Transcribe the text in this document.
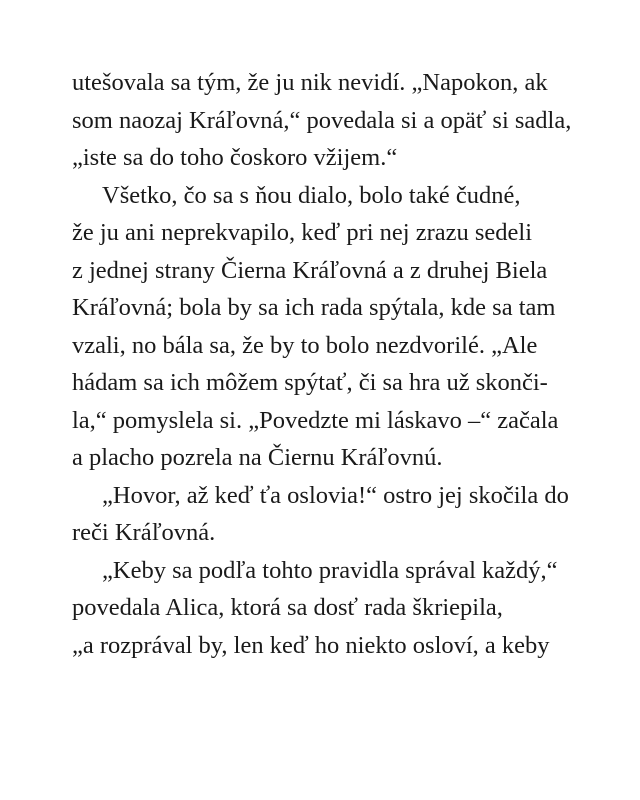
utešovala sa tým, že ju nik nevidí. „Napokon, ak
som naozaj Kráľovná,“ povedala si a opäť si sadla,
„iste sa do toho čoskoro vžijem.“
Všetko, čo sa s ňou dialo, bolo také čudné,
že ju ani neprekvapilo, keď pri nej zrazu sedeli
z jednej strany Čierna Kráľovná a z druhej Biela
Kráľovná; bola by sa ich rada spýtala, kde sa tam
vzali, no bála sa, že by to bolo nezdvorilé. „Ale
hádam sa ich môžem spýtať, či sa hra už skonči-
la,“ pomyslela si. „Povedzte mi láskavo –“ začala
a placho pozrela na Čiernu Kráľovnú.
„Hovor, až keď ťa oslovia!“ ostro jej skočila do
reči Kráľovná.
„Keby sa podľa tohto pravidla správal každý,“
povedala Alica, ktorá sa dosť rada škriepila,
„a rozprával by, len keď ho niekto osloví, a keby
